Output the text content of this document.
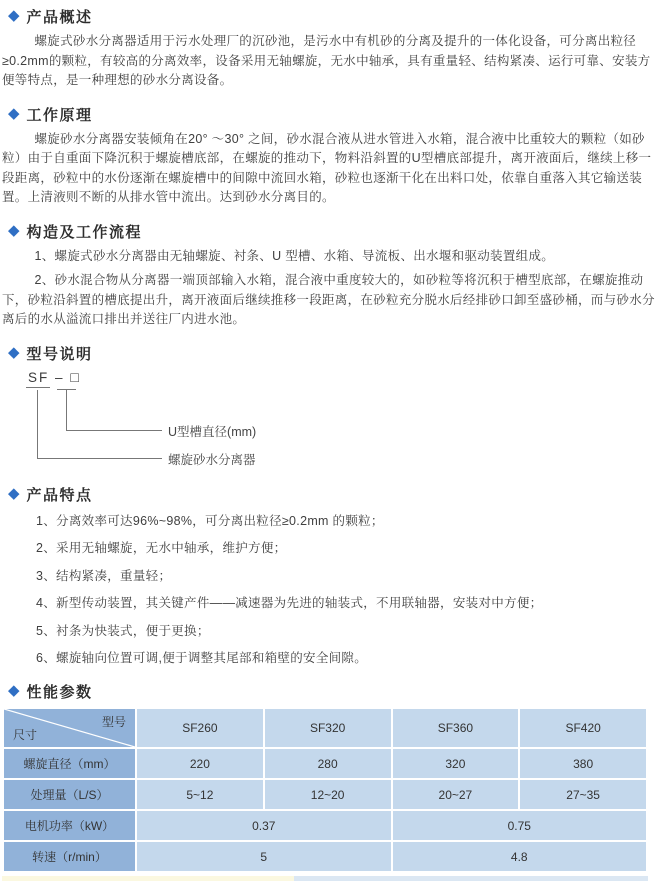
◆ 产品概述

螺旋式砂水分离器适用于污水处理厂的沉砂池，是污水中有机砂的分离及提升的一体化设备，可分离出粒径≥0.2mm的颗粒，有较高的分离效率，设备采用无轴螺旋，无水中轴承，具有重量轻、结构紧凑、运行可靠、安装方便等特点，是一种理想的砂水分离设备。

◆ 工作原理

螺旋砂水分离器安装倾角在20° ～30° 之间，砂水混合液从进水管进入水箱，混合液中比重较大的颗粒（如砂粒）由于自重面下降沉积于螺旋槽底部，在螺旋的推动下，物料沿斜置的U型槽底部提升，离开液面后，继续上移一段距离，砂粒中的水份逐渐在螺旋槽中的间隙中流回水箱，砂粒也逐渐干化在出料口处，依靠自重落入其它输送装置。上清液则不断的从排水管中流出。达到砂水分离目的。

◆ 构造及工作流程

1、螺旋式砂水分离器由无轴螺旋、衬条、U 型槽、水箱、导流板、出水堰和驱动装置组成。

2、砂水混合物从分离器一端顶部输入水箱，混合液中重度较大的，如砂粒等将沉积于槽型底部，在螺旋推动下，砂粒沿斜置的槽底提出升，离开液面后继续推移一段距离，在砂粒充分脱水后经排砂口卸至盛砂桶，而与砂水分离后的水从溢流口排出并送往厂内进水池。

◆ 型号说明
SF – □
U型槽直径(mm)
螺旋砂水分离器
◆ 产品特点

1、分离效率可达96%~98%，可分离出粒径≥0.2mm 的颗粒；

2、采用无轴螺旋，无水中轴承，维护方便；

3、结构紧凑，重量轻；

4、新型传动装置，其关键产件——减速器为先进的轴装式，不用联轴器，安装对中方便；

5、衬条为快装式，便于更换；

6、螺旋轴向位置可调,便于调整其尾部和箱壁的安全间隙。

◆ 性能参数
型号
尺寸	SF260	SF320	SF360	SF420
螺旋直径（mm）	220	280	320	380
处理量（L/S）	5~12	12~20	20~27	27~35
电机功率（kW）	0.37		0.75	
转速（r/min）	5		4.8	
